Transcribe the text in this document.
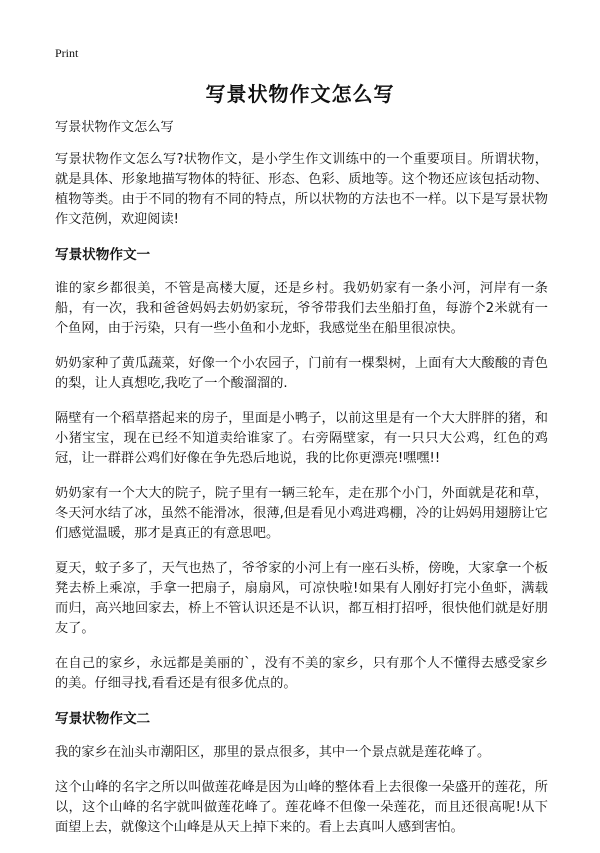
Print
写景状物作文怎么写

写景状物作文怎么写

写景状物作文怎么写?状物作文，是小学生作文训练中的一个重要项目。所谓状物，就是具体、形象地描写物体的特征、形态、色彩、质地等。这个物还应该包括动物、植物等类。由于不同的物有不同的特点，所以状物的方法也不一样。以下是写景状物作文范例，欢迎阅读!

写景状物作文一

谁的家乡都很美，不管是高楼大厦，还是乡村。我奶奶家有一条小河，河岸有一条船，有一次，我和爸爸妈妈去奶奶家玩，爷爷带我们去坐船打鱼，每游个2米就有一个鱼网，由于污染，只有一些小鱼和小龙虾，我感觉坐在船里很凉快。

奶奶家种了黄瓜蔬菜，好像一个小农园子，门前有一棵梨树，上面有大大酸酸的青色的梨，让人真想吃,我吃了一个酸溜溜的.

隔壁有一个稻草搭起来的房子，里面是小鸭子，以前这里是有一个大大胖胖的猪，和小猪宝宝，现在已经不知道卖给谁家了。右旁隔壁家，有一只只大公鸡，红色的鸡冠，让一群群公鸡们好像在争先恐后地说，我的比你更漂亮!嘿嘿!!

奶奶家有一个大大的院子，院子里有一辆三轮车，走在那个小门，外面就是花和草，冬天河水结了冰，虽然不能滑冰，很薄,但是看见小鸡进鸡棚，冷的让妈妈用翅膀让它们感觉温暖，那才是真正的有意思吧。

夏天，蚊子多了，天气也热了，爷爷家的小河上有一座石头桥，傍晚，大家拿一个板凳去桥上乘凉，手拿一把扇子，扇扇风，可凉快啦!如果有人刚好打完小鱼虾，满载而归，高兴地回家去，桥上不管认识还是不认识，都互相打招呼，很快他们就是好朋友了。

在自己的家乡，永远都是美丽的`，没有不美的家乡，只有那个人不懂得去感受家乡的美。仔细寻找,看看还是有很多优点的。

写景状物作文二

我的家乡在汕头市潮阳区，那里的景点很多，其中一个景点就是莲花峰了。

这个山峰的名字之所以叫做莲花峰是因为山峰的整体看上去很像一朵盛开的莲花，所以，这个山峰的名字就叫做莲花峰了。莲花峰不但像一朵莲花，而且还很高呢!从下面望上去，就像这个山峰是从天上掉下来的。看上去真叫人感到害怕。
